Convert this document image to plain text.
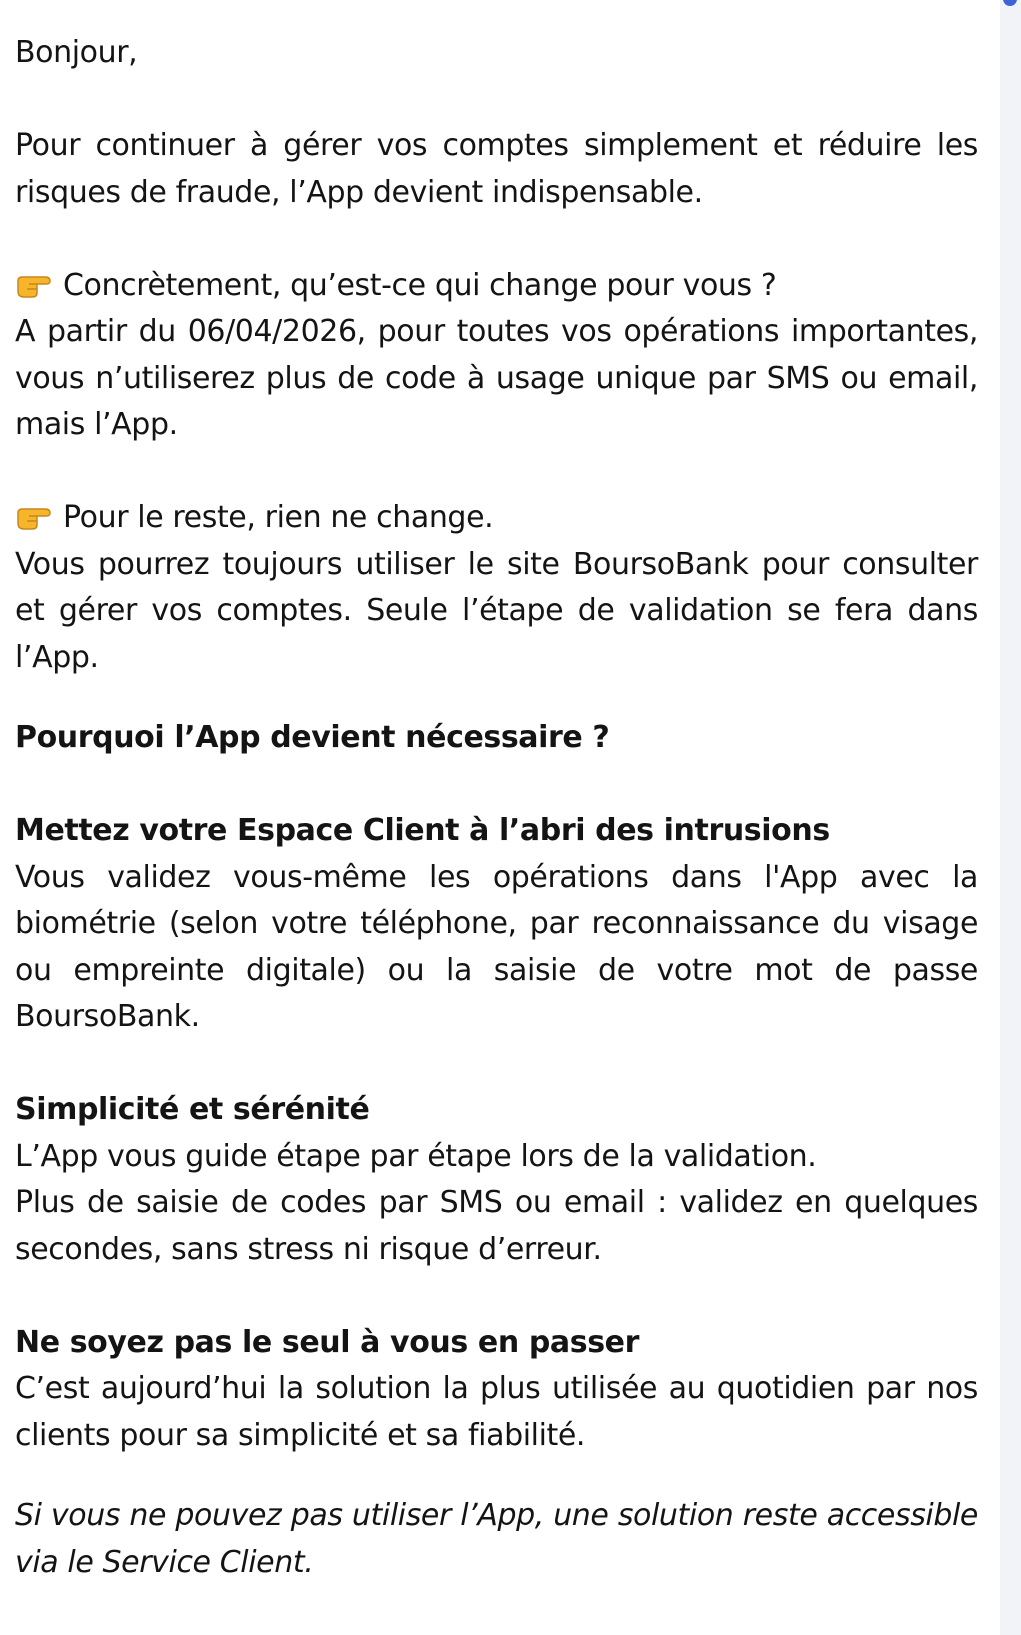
Bonjour,

Pour continuer à gérer vos comptes simplement et réduire les risques de fraude, l’App devient indispensable.

Concrètement, qu’est-ce qui change pour vous ?

A partir du 06/04/2026, pour toutes vos opérations importantes, vous n’utiliserez plus de code à usage unique par SMS ou email, mais l’App.

Pour le reste, rien ne change.

Vous pourrez toujours utiliser le site BoursoBank pour consulter et gérer vos comptes. Seule l’étape de validation se fera dans l’App.

Pourquoi l’App devient nécessaire ?

Mettez votre Espace Client à l’abri des intrusions

Vous validez vous-même les opérations dans l'App avec la biométrie (selon votre téléphone, par reconnaissance du visage ou empreinte digitale) ou la saisie de votre mot de passe BoursoBank.

Simplicité et sérénité

L’App vous guide étape par étape lors de la validation.

Plus de saisie de codes par SMS ou email : validez en quelques secondes, sans stress ni risque d’erreur.

Ne soyez pas le seul à vous en passer

C’est aujourd’hui la solution la plus utilisée au quotidien par nos clients pour sa simplicité et sa fiabilité.

Si vous ne pouvez pas utiliser l’App, une solution reste accessible via le Service Client.
